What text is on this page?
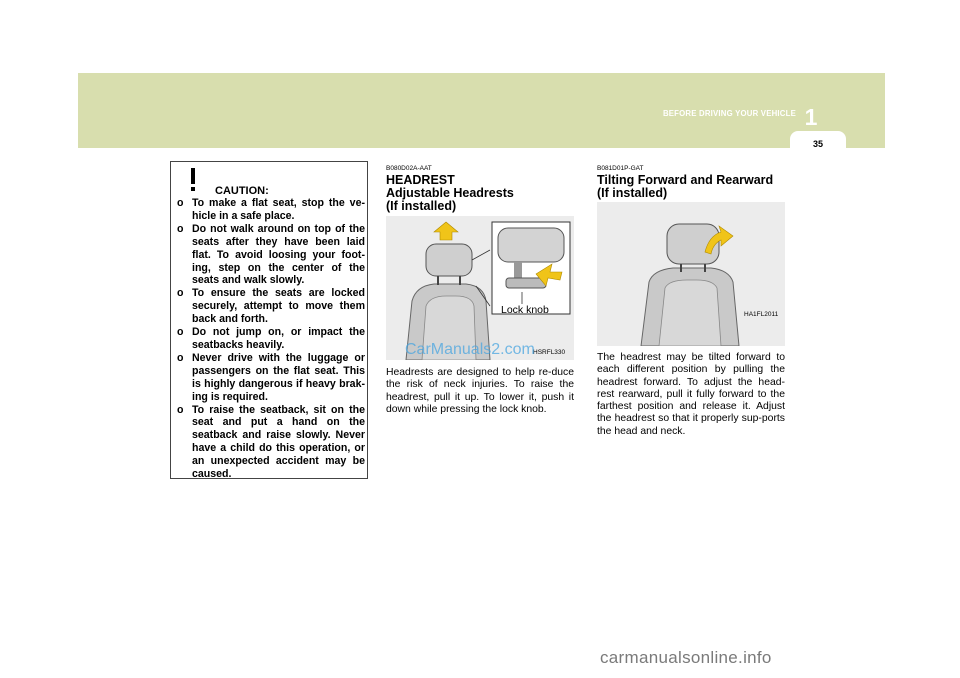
BEFORE DRIVING YOUR VEHICLE 1
35
CAUTION:
o To make a flat seat, stop the ve-hicle in a safe place.
o Do not walk around on top of the seats after they have been laid flat. To avoid loosing your foot-ing, step on the center of the seats and walk slowly.
o To ensure the seats are locked securely, attempt to move them back and forth.
o Do not jump on, or impact the seatbacks heavily.
o Never drive with the luggage or passengers on the flat seat. This is highly dangerous if heavy brak-ing is required.
o To raise the seatback, sit on the seat and put a hand on the seatback and raise slowly. Never have a child do this operation, or an unexpected accident may be caused.
B080D02A-AAT
HEADREST
Adjustable Headrests
(If installed)
Lock knob
HSRFL330
CarManuals2.com

Headrests are designed to help re-duce the risk of neck injuries. To raise the headrest, pull it up. To lower it, push it down while pressing the lock knob.

B081D01P-GAT
Tilting Forward and Rearward
(If installed)
HA1FL2011

The headrest may be tilted forward to each different position by pulling the headrest forward. To adjust the head-rest rearward, pull it fully forward to the farthest position and release it. Adjust the headrest so that it properly sup-ports the head and neck.

carmanualsonline.info
